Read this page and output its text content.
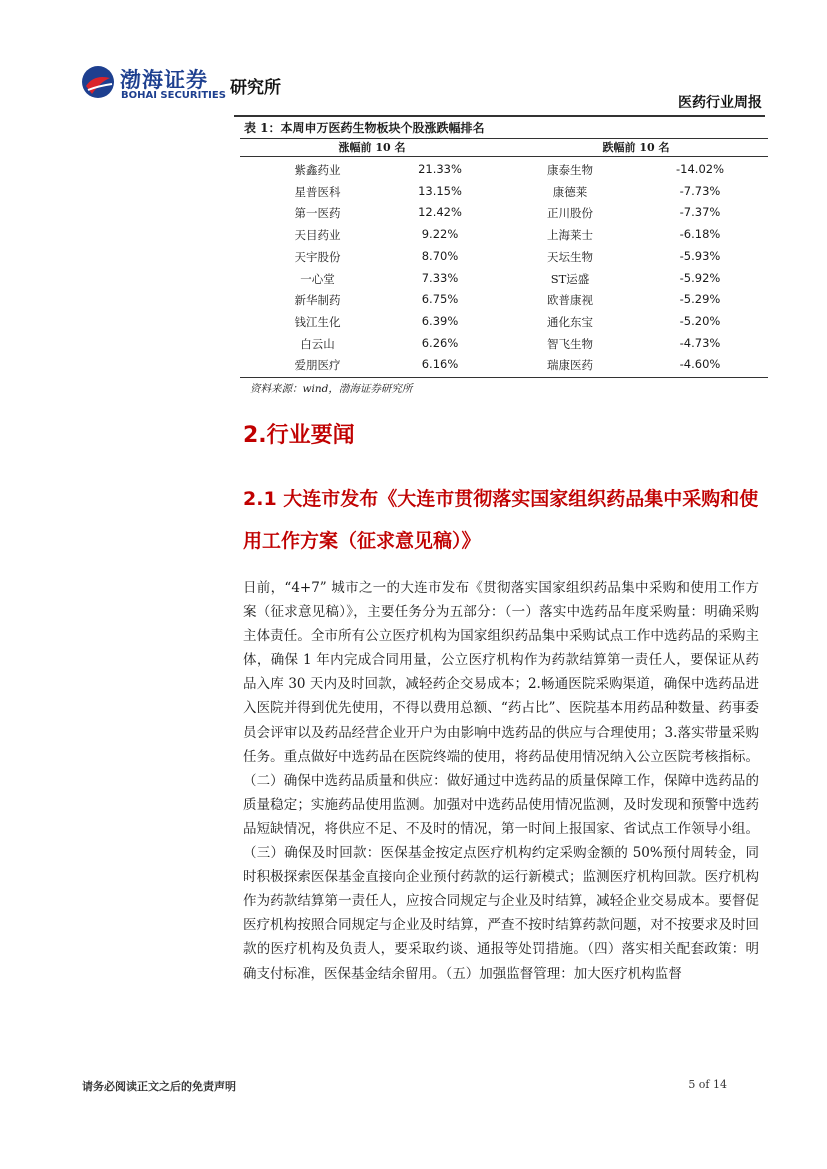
渤海证券
BOHAI SECURITIES 研究所
医药行业周报
表 1：本周申万医药生物板块个股涨跌幅排名
涨幅前 10 名	跌幅前 10 名
紫鑫药业	21.33%	康泰生物	-14.02%
星普医科	13.15%	康德莱	-7.73%
第一医药	12.42%	正川股份	-7.37%
天目药业	9.22%	上海莱士	-6.18%
天宇股份	8.70%	天坛生物	-5.93%
一心堂	7.33%	ST运盛	-5.92%
新华制药	6.75%	欧普康视	-5.29%
钱江生化	6.39%	通化东宝	-5.20%
白云山	6.26%	智飞生物	-4.73%
爱朋医疗	6.16%	瑞康医药	-4.60%
资料来源：wind，渤海证券研究所
2.行业要闻

2.1 大连市发布《大连市贯彻落实国家组织药品集中采购和使用工作方案（征求意见稿）》

日前，“4+7” 城市之一的大连市发布《贯彻落实国家组织药品集中采购和使用工作方案（征求意见稿）》，主要任务分为五部分：（一）落实中选药品年度采购量：明确采购主体责任。全市所有公立医疗机构为国家组织药品集中采购试点工作中选药品的采购主体，确保 1 年内完成合同用量，公立医疗机构作为药款结算第一责任人，要保证从药品入库 30 天内及时回款，减轻药企交易成本；2.畅通医院采购渠道，确保中选药品进入医院并得到优先使用，不得以费用总额、“药占比”、医院基本用药品种数量、药事委员会评审以及药品经营企业开户为由影响中选药品的供应与合理使用；3.落实带量采购任务。重点做好中选药品在医院终端的使用，将药品使用情况纳入公立医院考核指标。（二）确保中选药品质量和供应：做好通过中选药品的质量保障工作，保障中选药品的质量稳定；实施药品使用监测。加强对中选药品使用情况监测，及时发现和预警中选药品短缺情况，将供应不足、不及时的情况，第一时间上报国家、省试点工作领导小组。（三）确保及时回款：医保基金按定点医疗机构约定采购金额的 50%预付周转金，同时积极探索医保基金直接向企业预付药款的运行新模式；监测医疗机构回款。医疗机构作为药款结算第一责任人，应按合同规定与企业及时结算，减轻企业交易成本。要督促医疗机构按照合同规定与企业及时结算，严查不按时结算药款问题，对不按要求及时回款的医疗机构及负责人，要采取约谈、通报等处罚措施。（四）落实相关配套政策：明确支付标准，医保基金结余留用。（五）加强监督管理：加大医疗机构监督

请务必阅读正文之后的免责声明	5 of 14
